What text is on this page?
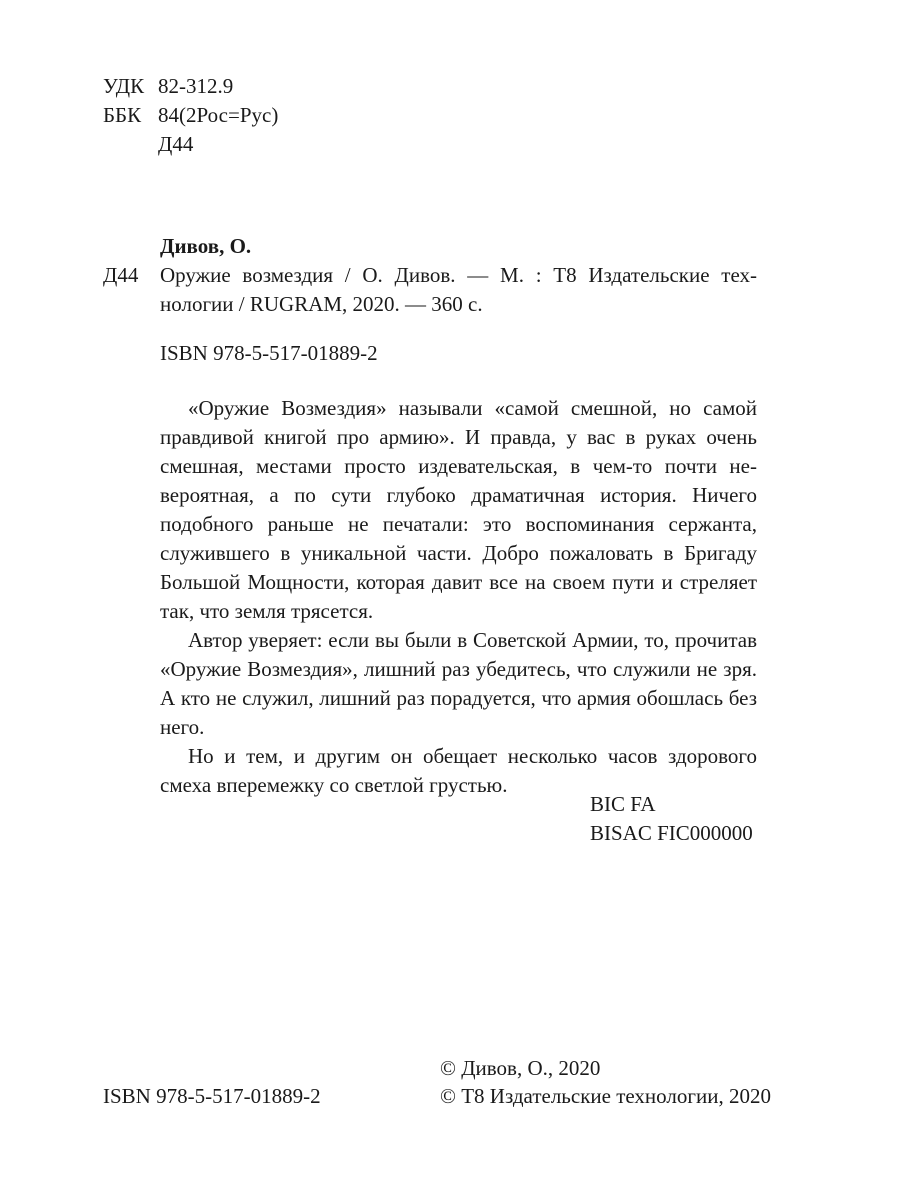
УДК 82-312.9
ББК 84(2Рос=Рус)
Д44
Дивов, О.
Д44 Оружие возмездия / О. Дивов. — М. : Т8 Издательские технологии / RUGRAM, 2020. — 360 с.
ISBN 978-5-517-01889-2

«Оружие Возмездия» называли «самой смешной, но самой правдивой книгой про армию». И правда, у вас в руках очень смешная, местами просто издевательская, в чем-то почти невероятная, а по сути глубоко драматичная история. Ничего подобного раньше не печатали: это воспоминания сержанта, служившего в уникальной части. Добро пожаловать в Бригаду Большой Мощности, которая давит все на своем пути и стреляет так, что земля трясется.

Автор уверяет: если вы были в Советской Армии, то, прочитав «Оружие Возмездия», лишний раз убедитесь, что служили не зря. А кто не служил, лишний раз порадуется, что армия обошлась без него.

Но и тем, и другим он обещает несколько часов здорового смеха вперемежку со светлой грустью.

BIC FA
BISAC FIC000000
ISBN 978-5-517-01889-2
© Дивов, О., 2020
© Т8 Издательские технологии, 2020
